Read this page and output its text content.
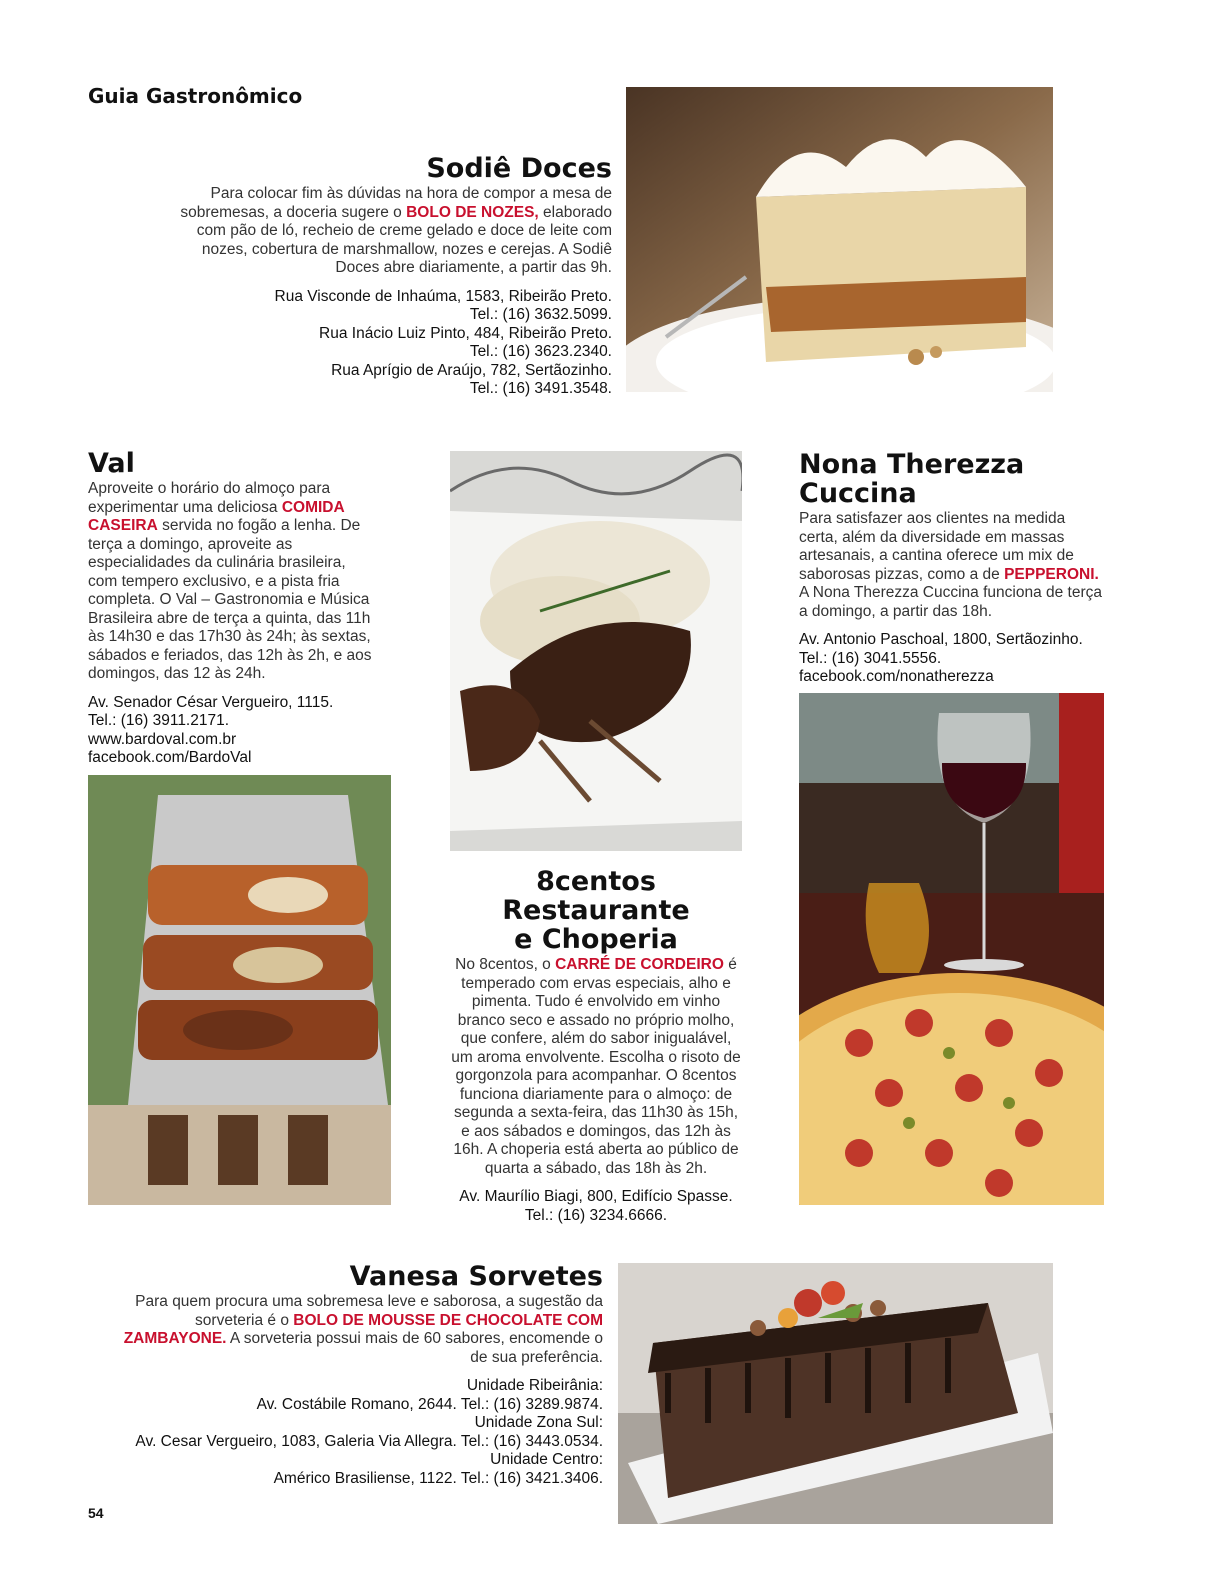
Guia Gastronômico
Sodiê Doces

Para colocar fim às dúvidas na hora de compor a mesa de sobremesas, a doceria sugere o BOLO DE NOZES, elaborado com pão de ló, recheio de creme gelado e doce de leite com nozes, cobertura de marshmallow, nozes e cerejas. A Sodiê Doces abre diariamente, a partir das 9h.

Rua Visconde de Inhaúma, 1583, Ribeirão Preto.
Tel.: (16) 3632.5099.
Rua Inácio Luiz Pinto, 484, Ribeirão Preto.
Tel.: (16) 3623.2340.
Rua Aprígio de Araújo, 782, Sertãozinho.
Tel.: (16) 3491.3548.
Val

Aproveite o horário do almoço para experimentar uma deliciosa COMIDA CASEIRA servida no fogão a lenha. De terça a domingo, aproveite as especialidades da culinária brasileira, com tempero exclusivo, e a pista fria completa. O Val – Gastronomia e Música Brasileira abre de terça a quinta, das 11h às 14h30 e das 17h30 às 24h; às sextas, sábados e feriados, das 12h às 2h, e aos domingos, das 12 às 24h.

Av. Senador César Vergueiro, 1115.
Tel.: (16) 3911.2171.
www.bardoval.com.br
facebook.com/BardoVal
8centos Restaurante
e Choperia

No 8centos, o CARRÉ DE CORDEIRO é temperado com ervas especiais, alho e pimenta. Tudo é envolvido em vinho branco seco e assado no próprio molho, que confere, além do sabor inigualável, um aroma envolvente. Escolha o risoto de gorgonzola para acompanhar. O 8centos funciona diariamente para o almoço: de segunda a sexta-feira, das 11h30 às 15h, e aos sábados e domingos, das 12h às 16h. A choperia está aberta ao público de quarta a sábado, das 18h às 2h.

Av. Maurílio Biagi, 800, Edifício Spasse.
Tel.: (16) 3234.6666.
Nona Therezza
Cuccina

Para satisfazer aos clientes na medida certa, além da diversidade em massas artesanais, a cantina oferece um mix de saborosas pizzas, como a de PEPPERONI. A Nona Therezza Cuccina funciona de terça a domingo, a partir das 18h.

Av. Antonio Paschoal, 1800, Sertãozinho.
Tel.: (16) 3041.5556.
facebook.com/nonatherezza
Vanesa Sorvetes

Para quem procura uma sobremesa leve e saborosa, a sugestão da sorveteria é o BOLO DE MOUSSE DE CHOCOLATE COM ZAMBAYONE. A sorveteria possui mais de 60 sabores, encomende o de sua preferência.

Unidade Ribeirânia:
Av. Costábile Romano, 2644. Tel.: (16) 3289.9874.
Unidade Zona Sul:
Av. Cesar Vergueiro, 1083, Galeria Via Allegra. Tel.: (16) 3443.0534.
Unidade Centro:
Américo Brasiliense, 1122. Tel.: (16) 3421.3406.
54
